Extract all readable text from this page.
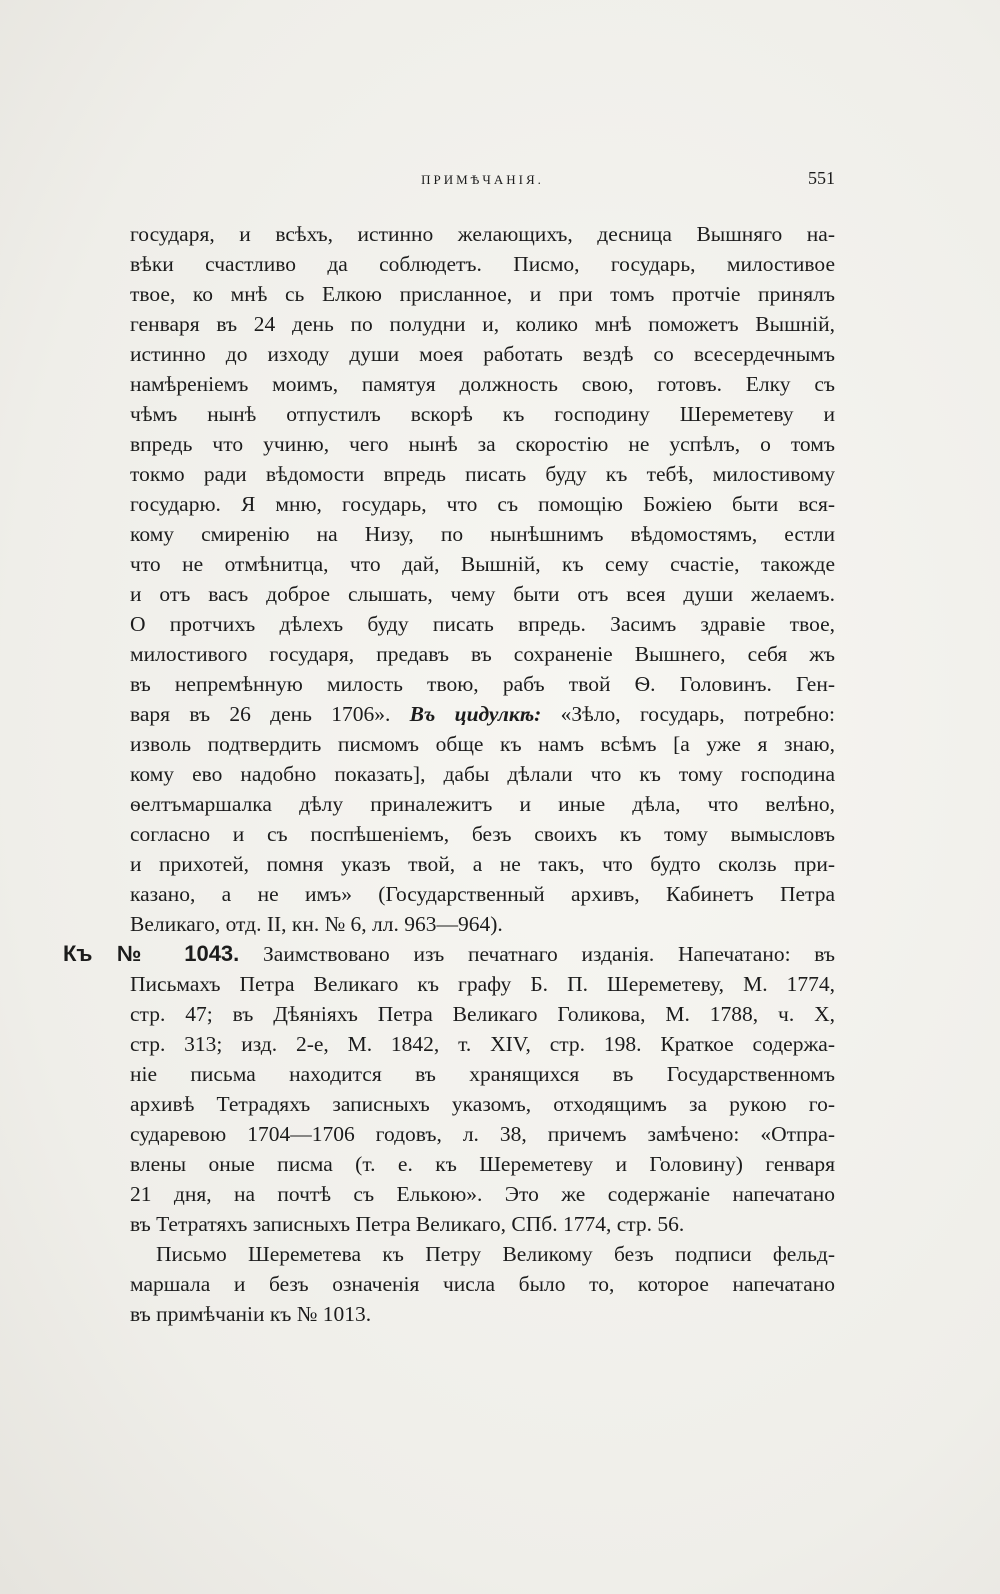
ПРИМѢЧАНІЯ.	551
государя, и всѣхъ, истинно желающихъ, десница Вышняго на-
вѣки счастливо да соблюдетъ. Писмо, государь, милостивое
твое, ко мнѣ сь Елкою присланное, и при томъ протчіе принялъ
генваря въ 24 день по полудни и, колико мнѣ поможетъ Вышній,
истинно до изходу души моея работать вездѣ со всесердечнымъ
намѣреніемъ моимъ, памятуя должность свою, готовъ. Елку съ
чѣмъ нынѣ отпустилъ вскорѣ къ господину Шереметеву и
впредь что учиню, чего нынѣ за скоростію не успѣлъ, о томъ
токмо ради вѣдомости впредь писать буду къ тебѣ, милостивому
государю. Я мню, государь, что съ помощію Божіею быти вся-
кому смиренію на Низу, по нынѣшнимъ вѣдомостямъ, естли
что не отмѣнитца, что дай, Вышній, къ сему счастіе, такожде
и отъ васъ доброе слышать, чему быти отъ всея души желаемъ.
О протчихъ дѣлехъ буду писать впредь. Засимъ здравіе твое,
милостивого государя, предавъ въ сохраненіе Вышнего, себя жъ
въ непремѣнную милость твою, рабъ твой Ѳ. Головинъ. Ген-
варя въ 26 день 1706». Въ цидулкѣ: «Зѣло, государь, потребно:
изволь подтвердить писмомъ обще къ намъ всѣмъ [а уже я знаю,
кому ево надобно показать], дабы дѣлали что къ тому господина
ѳелтъмаршалка дѣлу приналежитъ и иные дѣла, что велѣно,
согласно и съ поспѣшеніемъ, безъ своихъ къ тому вымысловъ
и прихотей, помня указъ твой, а не такъ, что будто сколзь при-
казано, а не имъ» (Государственный архивъ, Кабинетъ Петра
Великаго, отд. II, кн. № 6, лл. 963—964).
Къ № 1043. Заимствовано изъ печатнаго изданія. Напечатано: въ
Письмахъ Петра Великаго къ графу Б. П. Шереметеву, М. 1774,
стр. 47; въ Дѣяніяхъ Петра Великаго Голикова, М. 1788, ч. X,
стр. 313; изд. 2-е, М. 1842, т. XIV, стр. 198. Краткое содержа-
ніе письма находится въ хранящихся въ Государственномъ
архивѣ Тетрадяхъ записныхъ указомъ, отходящимъ за рукою го-
сударевою 1704—1706 годовъ, л. 38, причемъ замѣчено: «Отпра-
влены оные писма (т. е. къ Шереметеву и Головину) генваря
21 дня, на почтѣ съ Елькою». Это же содержаніе напечатано
въ Тетратяхъ записныхъ Петра Великаго, СПб. 1774, стр. 56.
Письмо Шереметева къ Петру Великому безъ подписи фельд-
маршала и безъ означенія числа было то, которое напечатано
въ примѣчаніи къ № 1013.
